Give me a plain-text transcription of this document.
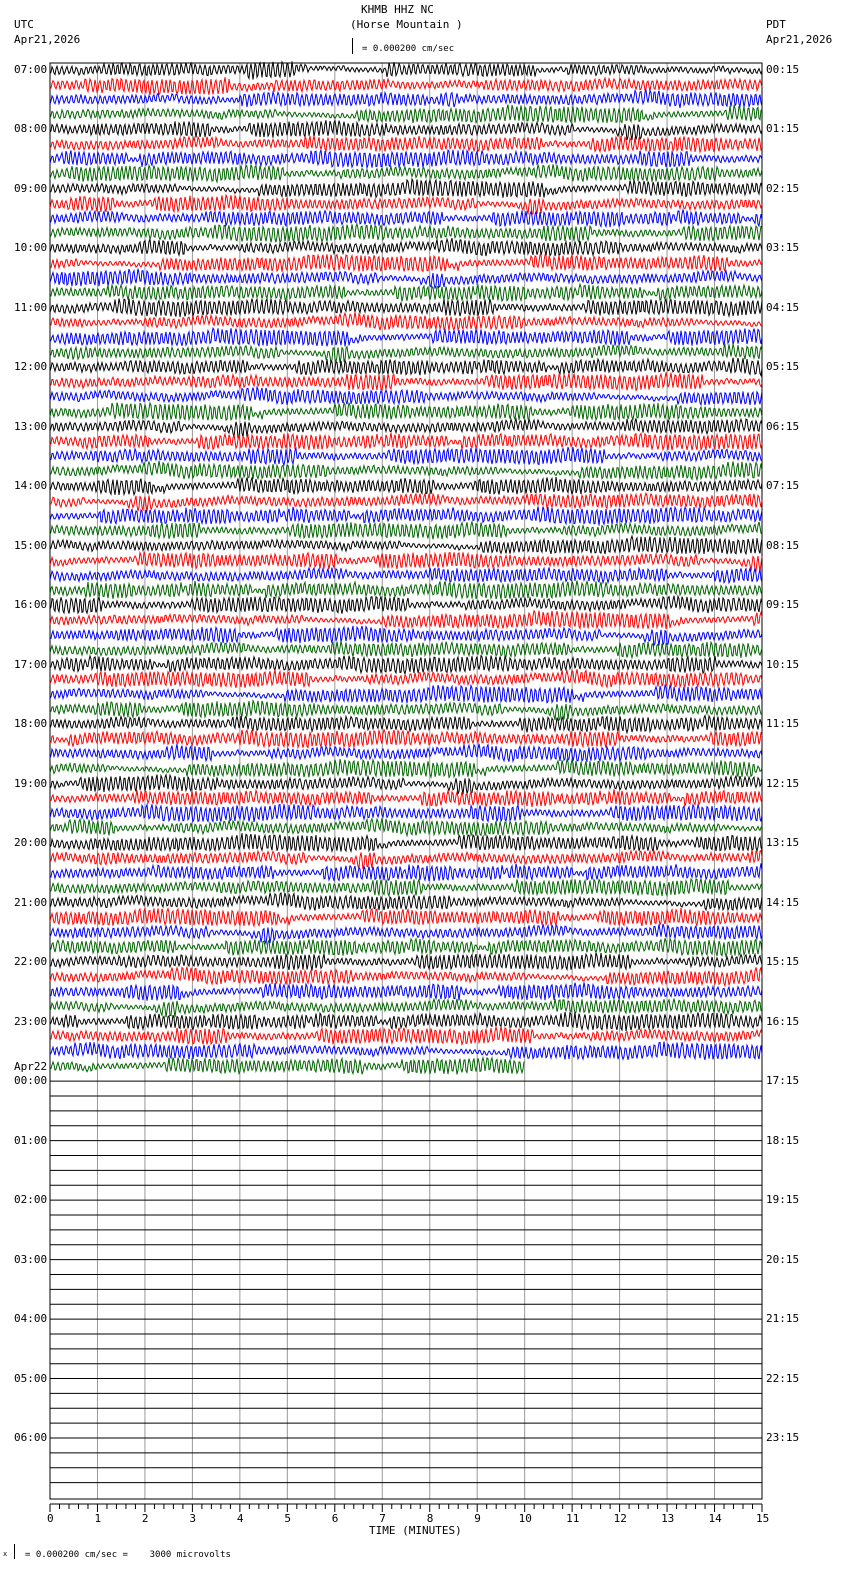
KHMB HHZ NC
(Horse Mountain )
UTC
Apr21,2026
PDT
Apr21,2026
= 0.000200 cm/sec
TIME (MINUTES)
x = 0.000200 cm/sec =    3000 microvolts
Apr22
0	1	2	3	4	5	6	7	8	9	10	11	12	13	14	15
07:00	00:15
08:00	01:15
09:00	02:15
10:00	03:15
11:00	04:15
12:00	05:15
13:00	06:15
14:00	07:15
15:00	08:15
16:00	09:15
17:00	10:15
18:00	11:15
19:00	12:15
20:00	13:15
21:00	14:15
22:00	15:15
23:00	16:15
00:00	17:15
01:00	18:15
02:00	19:15
03:00	20:15
04:00	21:15
05:00	22:15
06:00	23:15
